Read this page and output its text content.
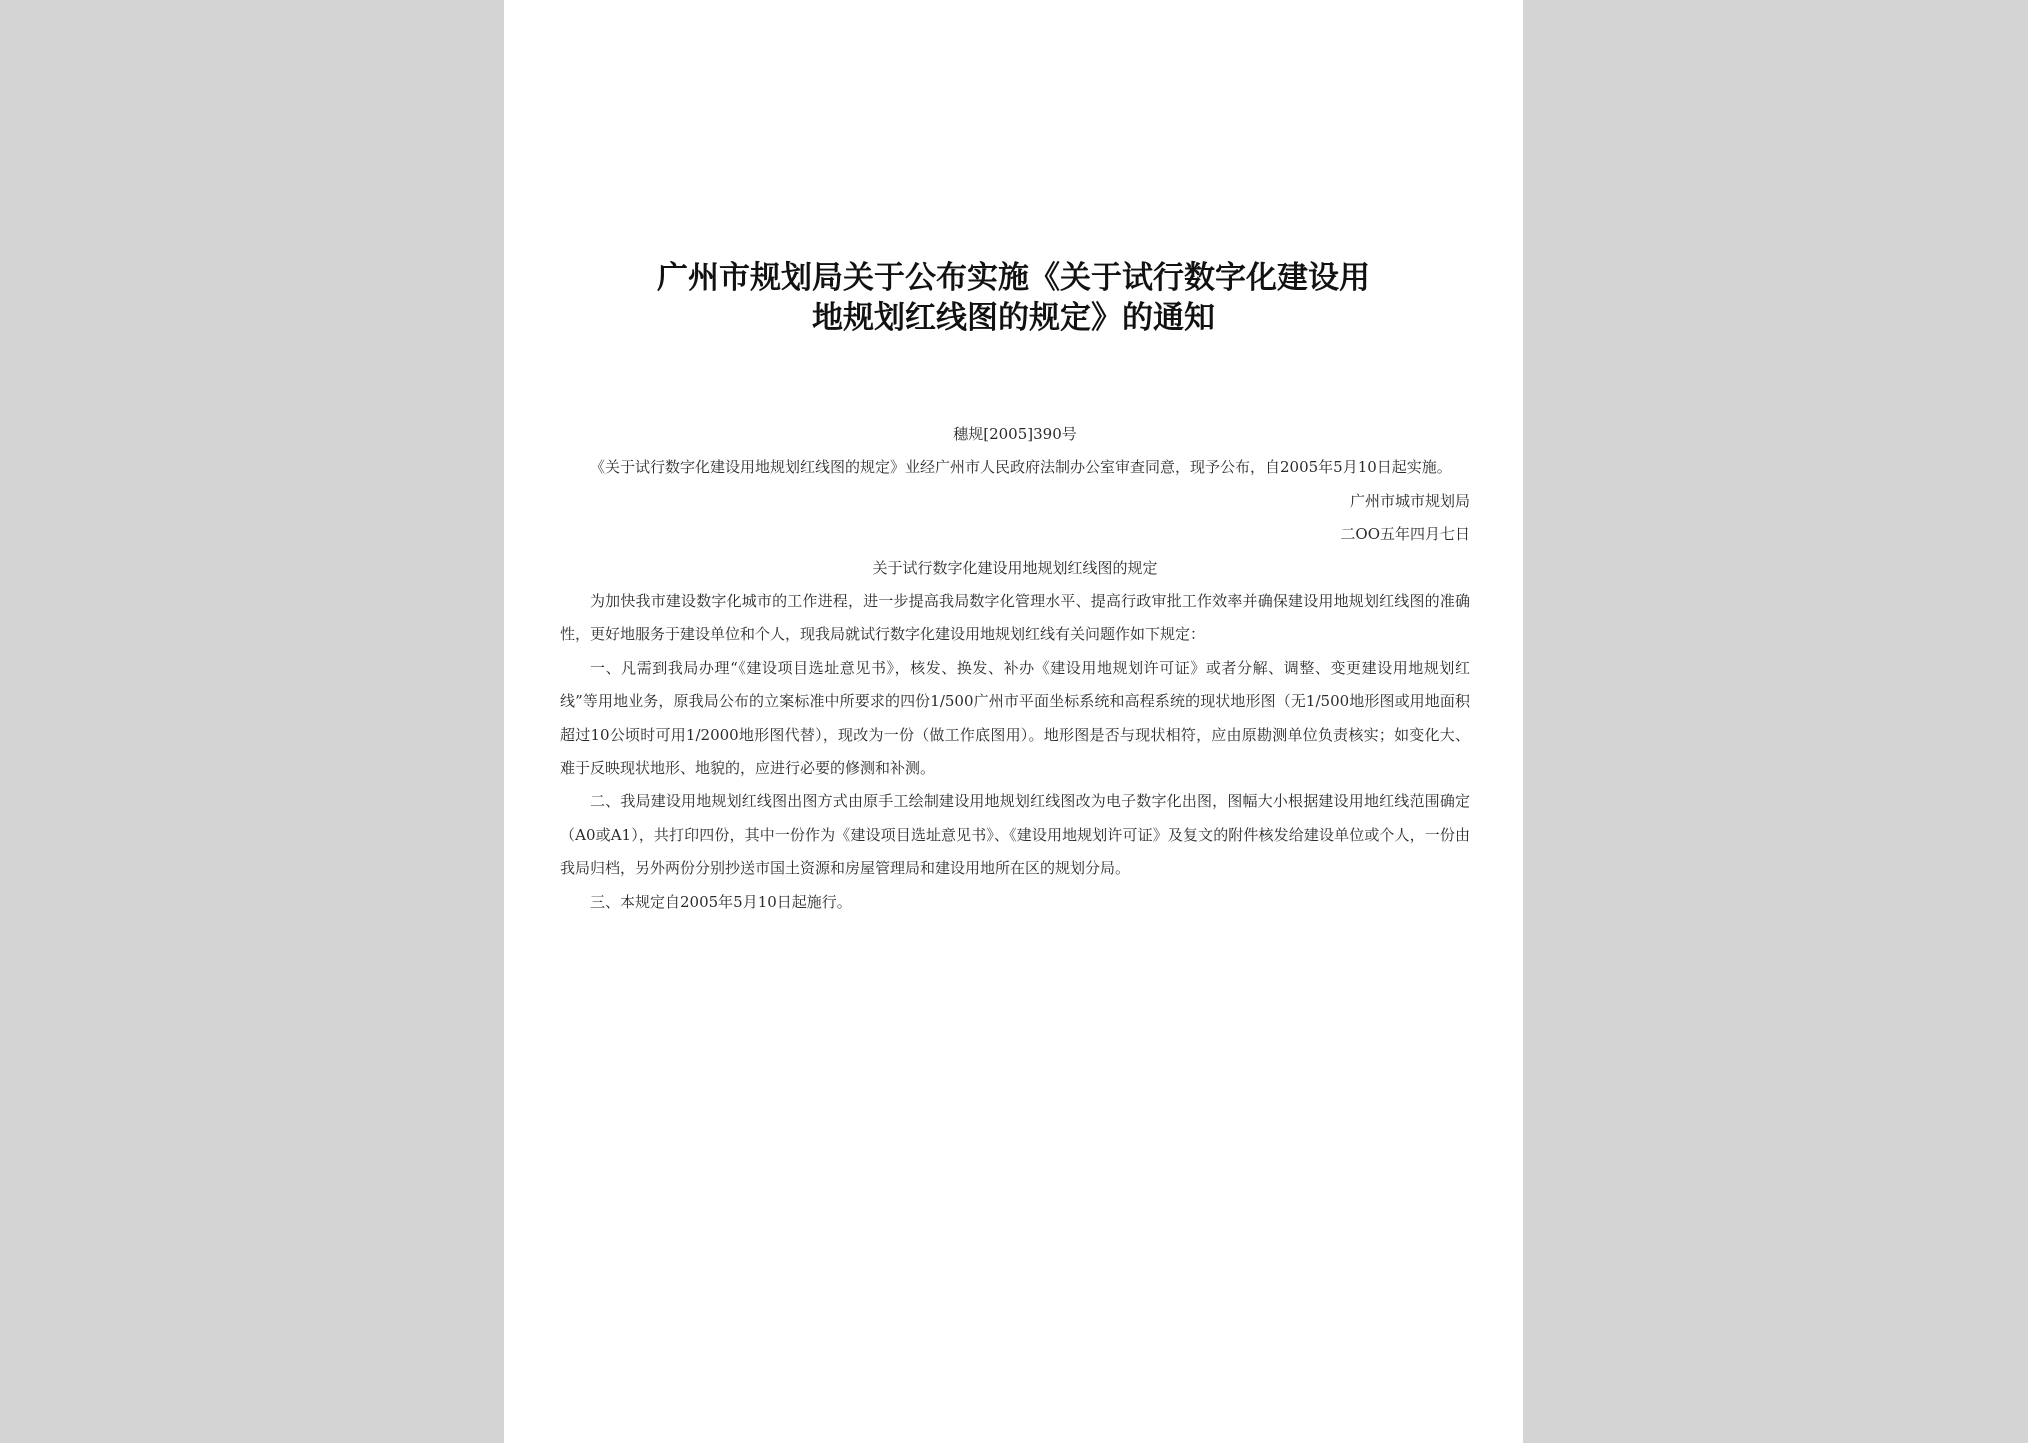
广州市规划局关于公布实施《关于试行数字化建设用
地规划红线图的规定》的通知
穗规[2005]390号

《关于试行数字化建设用地规划红线图的规定》业经广州市人民政府法制办公室审查同意，现予公布，自2005年5月10日起实施。

广州市城市规划局
二OO五年四月七日
关于试行数字化建设用地规划红线图的规定

为加快我市建设数字化城市的工作进程，进一步提高我局数字化管理水平、提高行政审批工作效率并确保建设用地规划红线图的准确性，更好地服务于建设单位和个人，现我局就试行数字化建设用地规划红线有关问题作如下规定：

一、凡需到我局办理“《建设项目选址意见书》，核发、换发、补办《建设用地规划许可证》或者分解、调整、变更建设用地规划红线”等用地业务，原我局公布的立案标准中所要求的四份1/500广州市平面坐标系统和高程系统的现状地形图（无1/500地形图或用地面积超过10公顷时可用1/2000地形图代替），现改为一份（做工作底图用）。地形图是否与现状相符，应由原勘测单位负责核实；如变化大、难于反映现状地形、地貌的，应进行必要的修测和补测。

二、我局建设用地规划红线图出图方式由原手工绘制建设用地规划红线图改为电子数字化出图，图幅大小根据建设用地红线范围确定（A0或A1），共打印四份，其中一份作为《建设项目选址意见书》、《建设用地规划许可证》及复文的附件核发给建设单位或个人，一份由我局归档，另外两份分别抄送市国土资源和房屋管理局和建设用地所在区的规划分局。

三、本规定自2005年5月10日起施行。
